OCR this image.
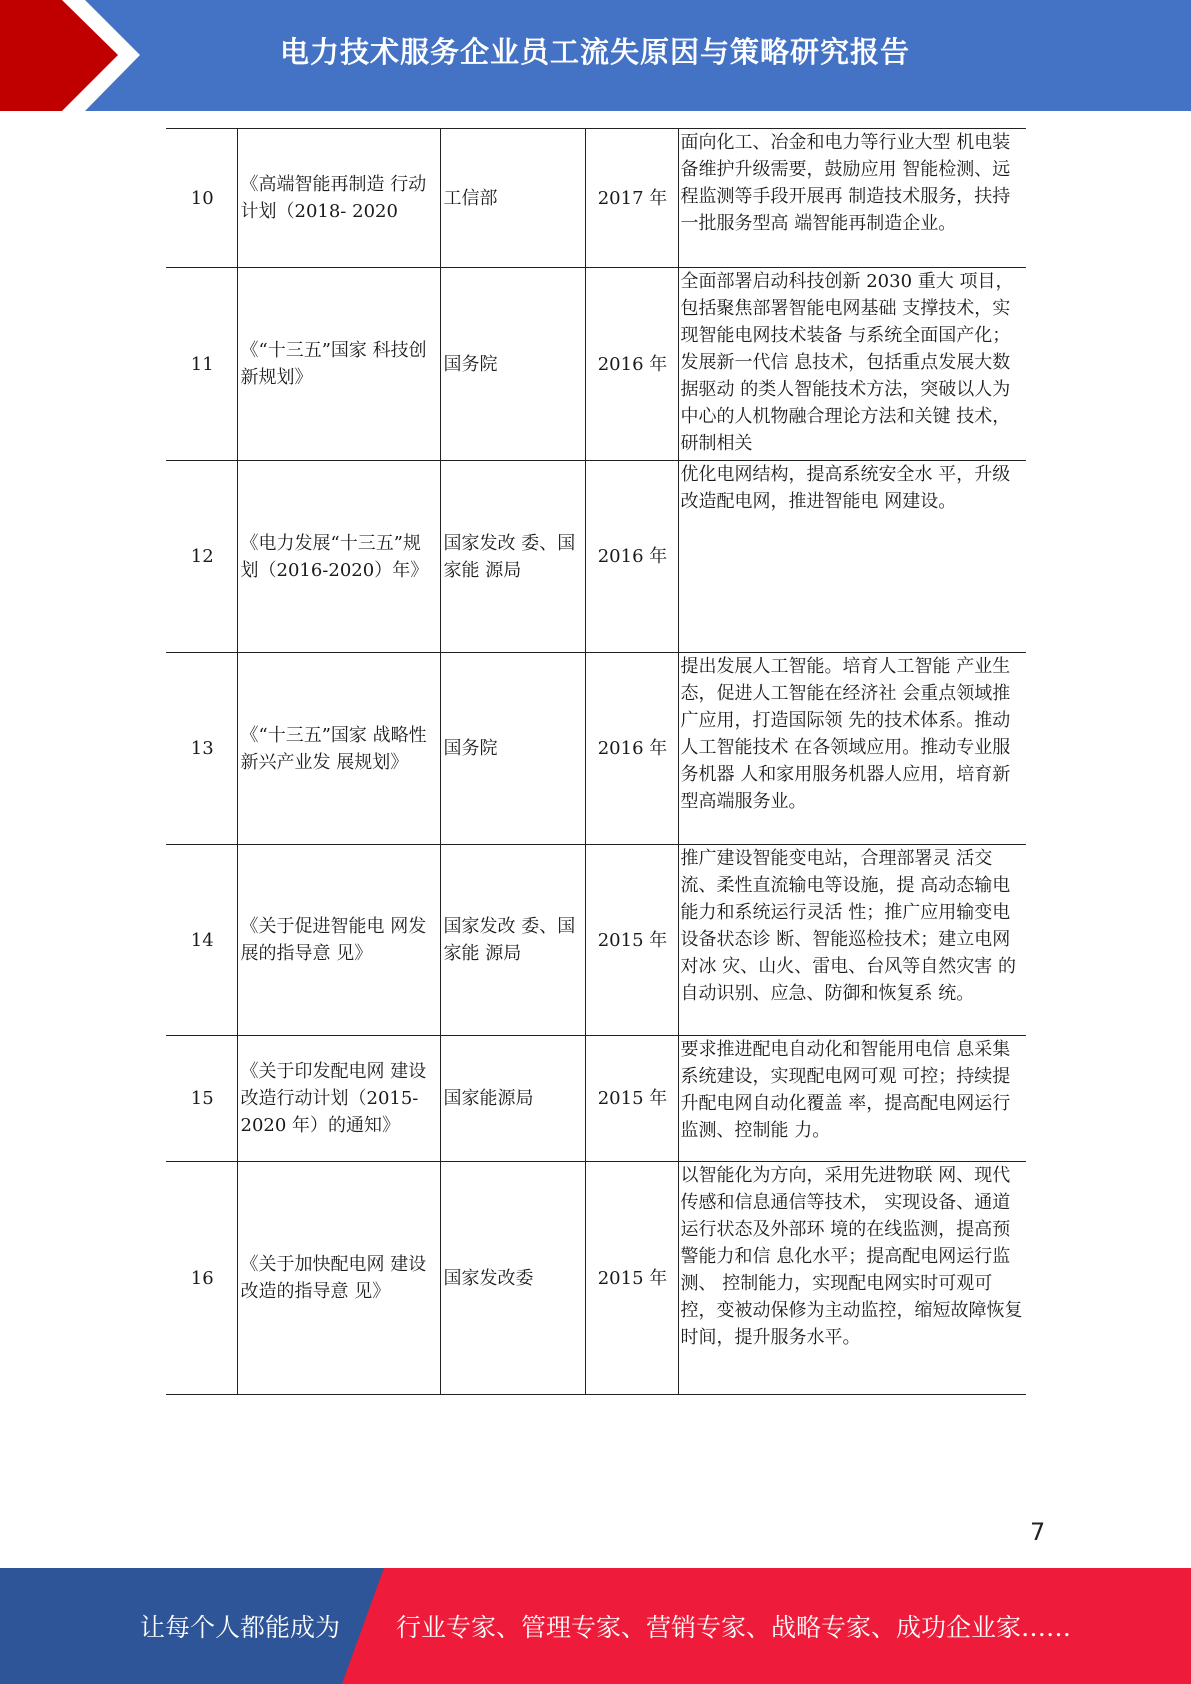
电力技术服务企业员工流失原因与策略研究报告
10	《高端智能再制造 行动计划（2018- 2020	工信部	2017 年	面向化工、冶金和电力等行业大型 机电装备维护升级需要，鼓励应用 智能检测、远程监测等手段开展再 制造技术服务，扶持一批服务型高 端智能再制造企业。
11	《“十三五”国家 科技创新规划》	国务院	2016 年	全面部署启动科技创新 2030 重大 项目，包括聚焦部署智能电网基础 支撑技术，实现智能电网技术装备 与系统全面国产化；发展新一代信 息技术，包括重点发展大数据驱动 的类人智能技术方法，突破以人为 中心的人机物融合理论方法和关键 技术，研制相关
12	《电力发展“十三五”规划（2016-2020）年》	国家发改 委、国家能 源局	2016 年	优化电网结构，提高系统安全水 平，升级改造配电网，推进智能电 网建设。
13	《“十三五”国家 战略性新兴产业发 展规划》	国务院	2016 年	提出发展人工智能。培育人工智能 产业生态，促进人工智能在经济社 会重点领域推广应用，打造国际领 先的技术体系。推动人工智能技术 在各领域应用。推动专业服务机器 人和家用服务机器人应用，培育新 型高端服务业。
14	《关于促进智能电 网发展的指导意 见》	国家发改 委、国家能 源局	2015 年	推广建设智能变电站，合理部署灵 活交流、柔性直流输电等设施，提 高动态输电能力和系统运行灵活 性；推广应用输变电设备状态诊 断、智能巡检技术；建立电网对冰 灾、山火、雷电、台风等自然灾害 的自动识别、应急、防御和恢复系 统。
15	《关于印发配电网 建设改造行动计划（2015-2020 年）的通知》	国家能源局	2015 年	要求推进配电自动化和智能用电信 息采集系统建设，实现配电网可观 可控；持续提升配电网自动化覆盖 率，提高配电网运行监测、控制能 力。
16	《关于加快配电网 建设改造的指导意 见》	国家发改委	2015 年	以智能化为方向，采用先进物联 网、现代传感和信息通信等技术， 实现设备、通道运行状态及外部环 境的在线监测，提高预警能力和信 息化水平；提高配电网运行监测、 控制能力，实现配电网实时可观可 控，变被动保修为主动监控，缩短故障恢复时间，提升服务水平。
7
让每个人都能成为	行业专家、管理专家、营销专家、战略专家、成功企业家……
